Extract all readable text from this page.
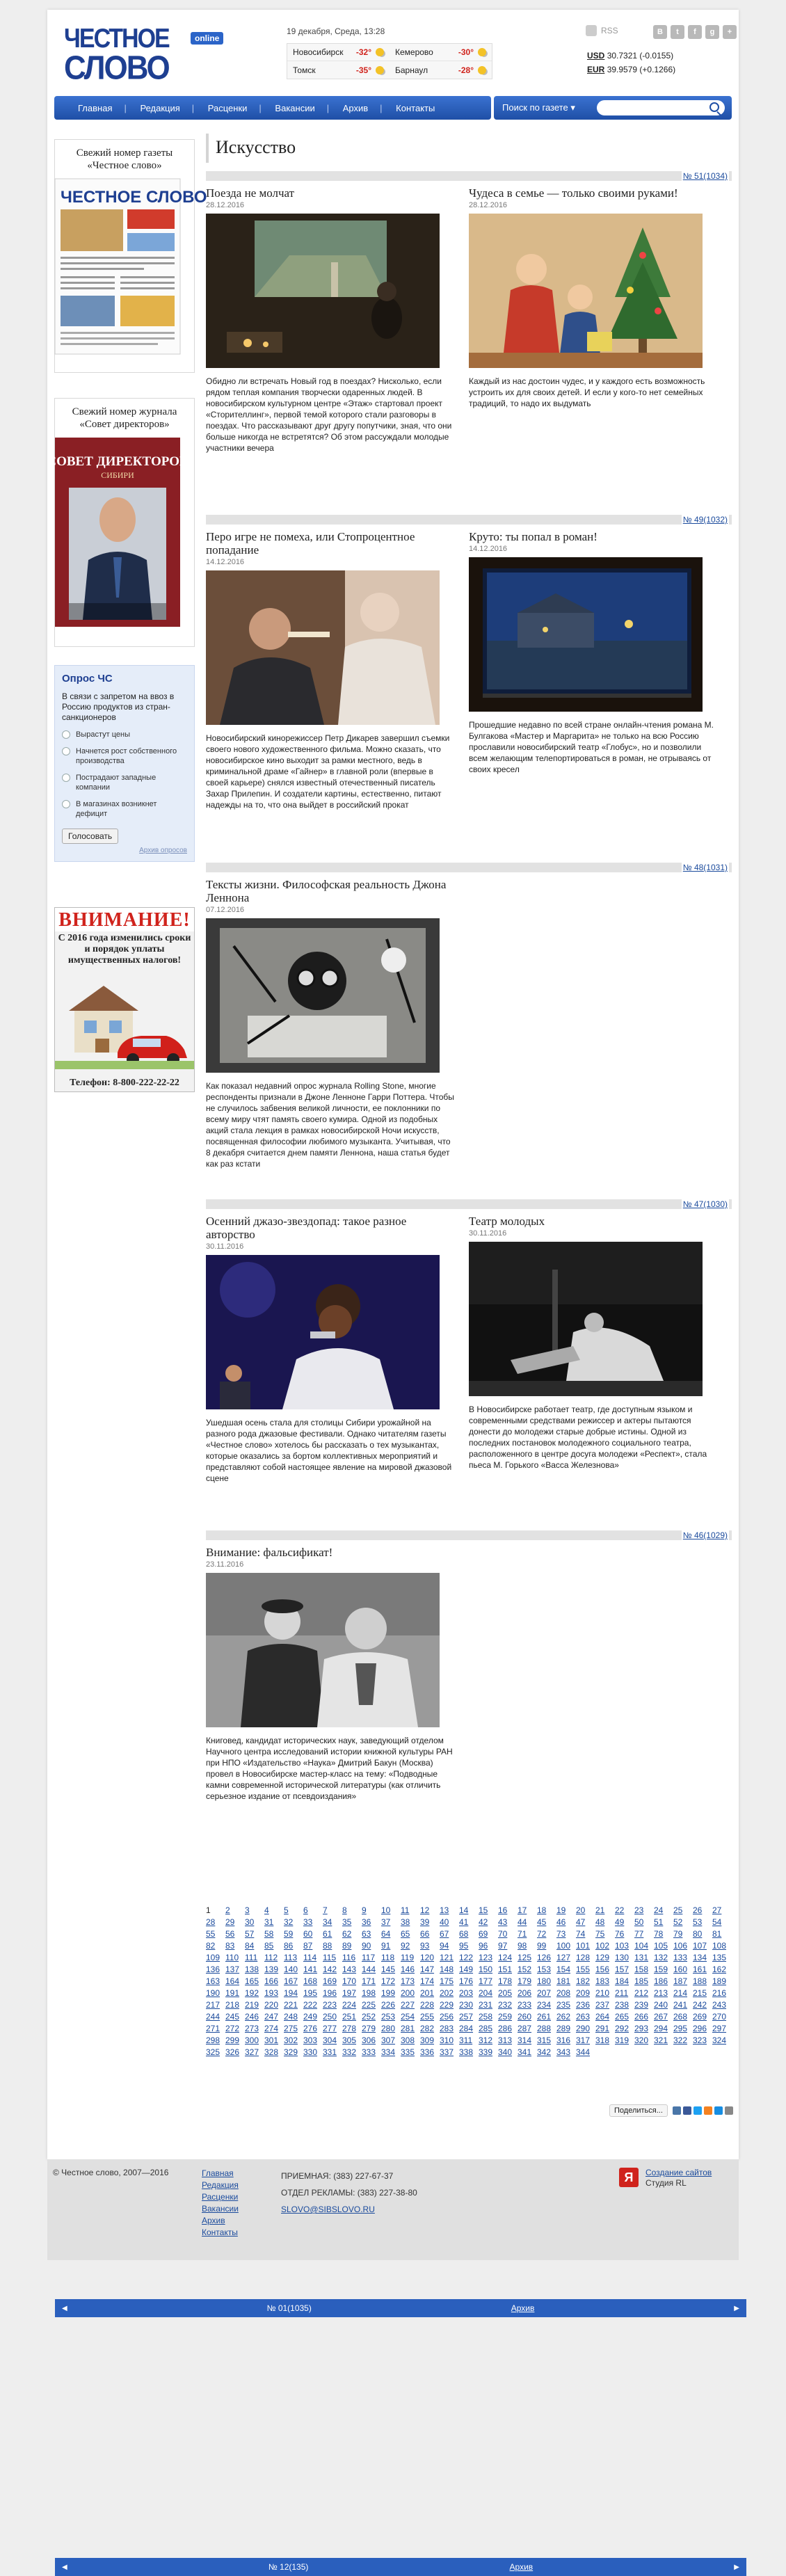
ЧЕСТНОЕ
СЛОВО
online
19 декабря, Среда, 13:28
Новосибирск	-32°	Кемерово	-30°
Томск	-35°	Барнаул	-28°
RSS	В	t	f	g	+
USD 30.7321 (-0.0155)
EUR 39.9579 (+0.1266)
Главная	| Редакция	| Расценки	| Вакансии	| Архив	| Контакты	Поиск по газете ▾
Свежий номер газеты «Честное слово»
ЧЕСТНОЕ СЛОВО
◀	№ 01(1035)	Архив	▶
Свежий номер журнала «Совет директоров»
СОВЕТ ДИРЕКТОРОВ
СИБИРИ
◀	№ 12(135)	Архив	▶
Опрос ЧС
В связи с запретом на ввоз в Россию продуктов из стран-санкционеров
Вырастут цены
Начнется рост собственного производства
Пострадают западные компании
В магазинах возникнет дефицит
Голосовать
Архив опросов
ВНИМАНИЕ!
С 2016 года изменились сроки и порядок уплаты имущественных налогов!
Телефон: 8-800-222-22-22
Искусство
№ 51(1034)
Поезда не молчат
28.12.2016

Обидно ли встречать Новый год в поездах? Нисколько, если рядом теплая компания творчески одаренных людей. В новосибирском культурном центре «Этаж» стартовал проект «Сторителлинг», первой темой которого стали разговоры в поездах. Что рассказывают друг другу попутчики, зная, что они больше никогда не встретятся? Об этом рассуждали молодые участники вечера

Чудеса в семье — только своими руками!
28.12.2016

Каждый из нас достоин чудес, и у каждого есть возможность устроить их для своих детей. И если у кого-то нет семейных традиций, то надо их выдумать

№ 49(1032)
Перо игре не помеха, или Стопроцентное попадание
14.12.2016

Новосибирский кинорежиссер Петр Дикарев завершил съемки своего нового художественного фильма. Можно сказать, что новосибирское кино выходит за рамки местного, ведь в криминальной драме «Гайнер» в главной роли (впервые в своей карьере) снялся известный отечественный писатель Захар Прилепин. И создатели картины, естественно, питают надежды на то, что она выйдет в российский прокат

Круто: ты попал в роман!
14.12.2016

Прошедшие недавно по всей стране онлайн-чтения романа М. Булгакова «Мастер и Маргарита» не только на всю Россию прославили новосибирский театр «Глобус», но и позволили всем желающим телепортироваться в роман, не отрываясь от своих кресел

№ 48(1031)
Тексты жизни. Философская реальность Джона Леннона
07.12.2016

Как показал недавний опрос журнала Rolling Stone, многие респонденты признали в Джоне Ленноне Гарри Поттера. Чтобы не случилось забвения великой личности, ее поклонники по всему миру чтят память своего кумира. Одной из подобных акций стала лекция в рамках новосибирской Ночи искусств, посвященная философии любимого музыканта. Учитывая, что 8 декабря считается днем памяти Леннона, наша статья будет как раз кстати

№ 47(1030)
Осенний джазо-звездопад: такое разное авторство
30.11.2016

Ушедшая осень стала для столицы Сибири урожайной на разного рода джазовые фестивали. Однако читателям газеты «Честное слово» хотелось бы рассказать о тех музыкантах, которые оказались за бортом коллективных мероприятий и представляют собой настоящее явление на мировой джазовой сцене

Театр молодых
30.11.2016

В Новосибирске работает театр, где доступным языком и современными средствами режиссер и актеры пытаются донести до молодежи старые добрые истины. Одной из последних постановок молодежного социального театра, расположенного в центре досуга молодежи «Респект», стала пьеса М. Горького «Васса Железнова»

№ 46(1029)
Внимание: фальсификат!
23.11.2016

Книговед, кандидат исторических наук, заведующий отделом Научного центра исследований истории книжной культуры РАН при НПО «Издательство «Наука» Дмитрий Бакун (Москва) провел в Новосибирске мастер-класс на тему: «Подводные камни современной исторической литературы (как отличить серьезное издание от псевдоиздания»

1	2	3	4	5	6	7	8	9	10	11	12	13	14	15	16	17	18	19	20	21	22	23	24	25	26	27
28	29	30	31	32	33	34	35	36	37	38	39	40	41	42	43	44	45	46	47	48	49	50	51	52	53	54
55	56	57	58	59	60	61	62	63	64	65	66	67	68	69	70	71	72	73	74	75	76	77	78	79	80	81
82	83	84	85	86	87	88	89	90	91	92	93	94	95	96	97	98	99	100 101 102 103 104 105 106 107 108
109 110 111 112 113 114 115 116 117 118 119 120 121 122 123 124 125 126 127 128 129 130 131 132 133 134 135
136 137 138 139 140 141 142 143 144 145 146 147 148 149 150 151 152 153 154 155 156 157 158 159 160 161 162
163 164 165 166 167 168 169 170 171 172 173 174 175 176 177 178 179 180 181 182 183 184 185 186 187 188 189
190 191 192 193 194 195 196 197 198 199 200 201 202 203 204 205 206 207 208 209 210 211 212 213 214 215 216
217 218 219 220 221 222 223 224 225 226 227 228 229 230 231 232 233 234 235 236 237 238 239 240 241 242 243
244 245 246 247 248 249 250 251 252 253 254 255 256 257 258 259 260 261 262 263 264 265 266 267 268 269 270
271 272 273 274 275 276 277 278 279 280 281 282 283 284 285 286 287 288 289 290 291 292 293 294 295 296 297
298 299 300 301 302 303 304 305 306 307 308 309 310 311 312 313 314 315 316 317 318 319 320 321 322 323 324
325 326 327 328 329 330 331 332 333 334 335 336 337 338 339 340 341 342 343 344
Поделиться...
© Честное слово, 2007—2016	Главная
Редакция
Расценки
Вакансии
Архив
Контакты
ПРИЕМНАЯ: (383) 227-67-37
ОТДЕЛ РЕКЛАМЫ: (383) 227-38-80
SLOVO@SIBSLOVO.RU
Я	Создание сайтов
Студия RL
